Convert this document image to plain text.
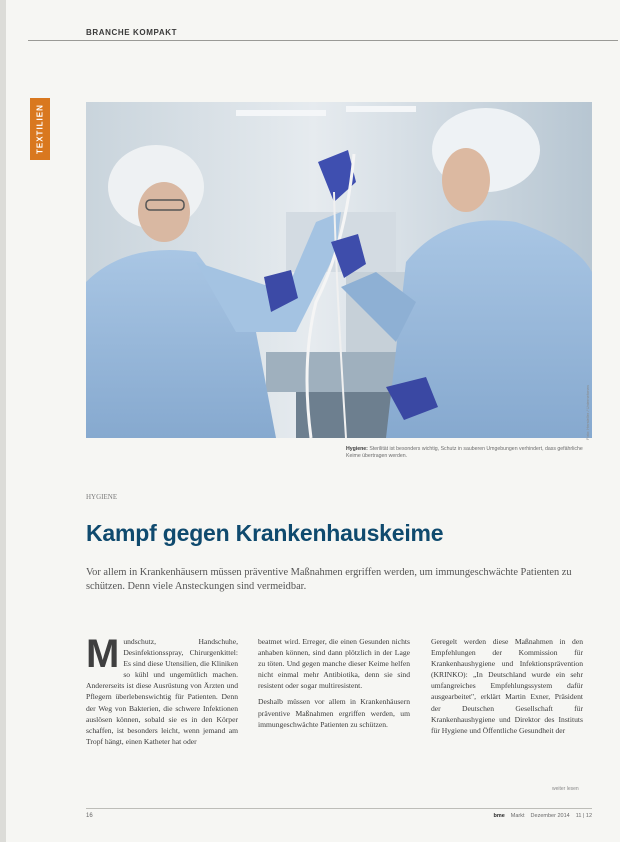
BRANCHE KOMPAKT
TEXTILIEN
Foto: Hersteller / Unternehmen
Hygiene: Sterilität ist besonders wichtig, Schutz in sauberen Umgebungen verhindert, dass gefährliche Keime übertragen werden.
HYGIENE
Kampf gegen Krankenhauskeime

Vor allem in Krankenhäusern müssen präventive Maßnahmen ergriffen werden, um immungeschwächte Patienten zu schützen. Denn viele Ansteckungen sind vermeidbar.

M undschutz, Handschuhe, Desinfektionsspray, Chirurgenkittel: Es sind diese Utensilien, die Kliniken so kühl und ungemütlich machen. Andererseits ist diese Ausrüstung von Ärzten und Pflegern überlebenswichtig für Patienten. Denn der Weg von Bakterien, die schwere Infektionen auslösen können, sobald sie es in den Körper schaffen, ist besonders leicht, wenn jemand am Tropf hängt, einen Katheter hat oder

beatmet wird. Erreger, die einen Gesunden nichts anhaben können, sind dann plötzlich in der Lage zu töten. Und gegen manche dieser Keime helfen nicht einmal mehr Antibiotika, denn sie sind resistent oder sogar multiresistent.

Deshalb müssen vor allem in Krankenhäusern präventive Maßnahmen ergriffen werden, um immungeschwächte Patienten zu schützen.

Geregelt werden diese Maßnahmen in den Empfehlungen der Kommission für Krankenhaushygiene und Infektionsprävention (KRINKO): „In Deutschland wurde ein sehr umfangreiches Empfehlungssystem dafür ausgearbeitet", erklärt Martin Exner, Präsident der Deutschen Gesellschaft für Krankenhaushygiene und Direktor des Instituts für Hygiene und Öffentliche Gesundheit der

weiter lesen
16	bme Markt Dezember 2014 11 | 12
